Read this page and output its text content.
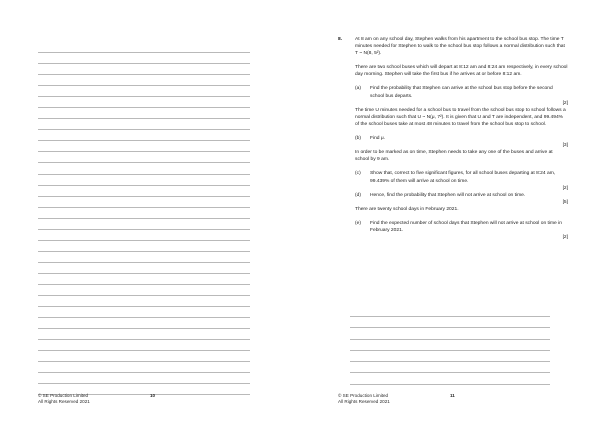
© SE Production Limited
All Rights Reserved 2021
10
8.	At 8 am on any school day, Stephen walks from his apartment to the school bus stop. The time T minutes needed for Stephen to walk to the school bus stop follows a normal distribution such that T ~ N(8, 5²).

There are two school buses which will depart at 8:12 am and 8:24 am respectively, in every school day morning. Stephen will take the first bus if he arrives at or before 8:12 am.

(a)	Find the probability that Stephen can arrive at the school bus stop before the second school bus departs.
[2]

The time U minutes needed for a school bus to travel from the school bus stop to school follows a normal distribution such that U ~ N(μ, 7²). It is given that U and T are independent, and 99.494% of the school buses take at most 48 minutes to travel from the school bus stop to school.

(b)	Find μ.
[3]

In order to be marked as on time, Stephen needs to take any one of the buses and arrive at school by 9 am.

(c)	Show that, correct to five significant figures, for all school buses departing at 8:24 am, 99.439% of them will arrive at school on time.
[2]
(d)	Hence, find the probability that Stephen will not arrive at school on time.
[5]

There are twenty school days in February 2021.

(e)	Find the expected number of school days that Stephen will not arrive at school on time in February 2021.
[2]
© SE Production Limited
All Rights Reserved 2021
11
